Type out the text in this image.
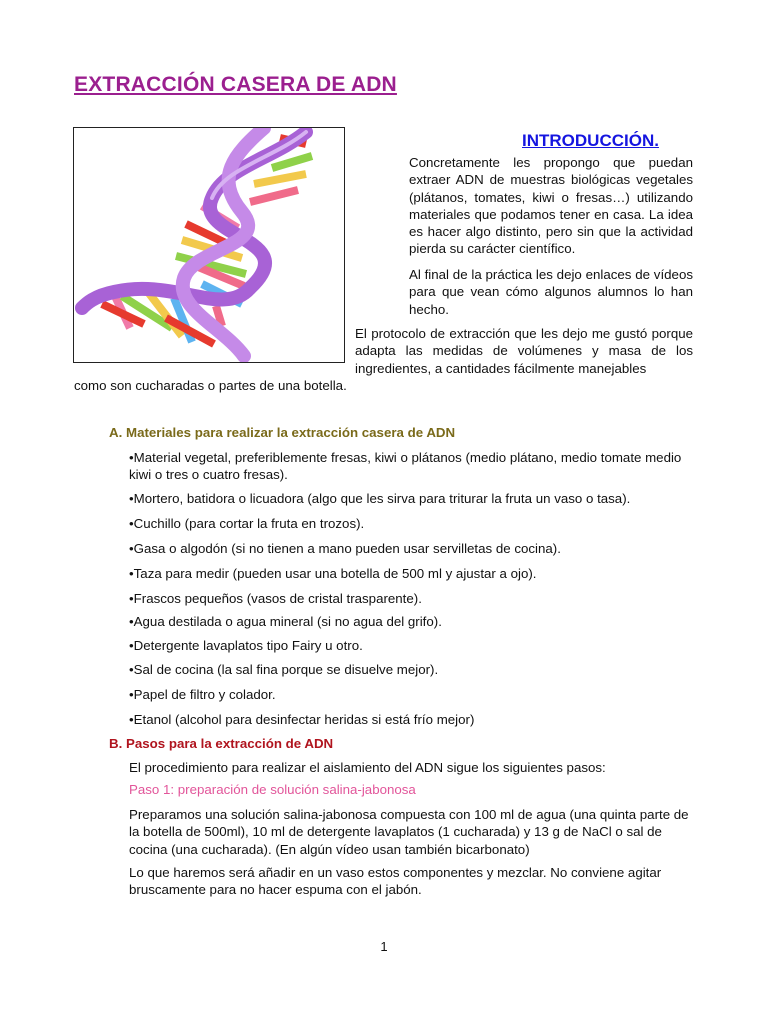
EXTRACCIÓN CASERA DE ADN
INTRODUCCIÓN.

Concretamente les propongo que puedan extraer ADN de muestras biológicas vegetales (plátanos, tomates, kiwi o fresas…) utilizando materiales que podamos tener en casa. La idea es hacer algo distinto, pero sin que la actividad pierda su carácter científico.

Al final de la práctica les dejo enlaces de vídeos para que vean cómo algunos alumnos lo han hecho.

El protocolo de extracción que les dejo me gustó porque adapta las medidas de volúmenes y masa de los ingredientes, a cantidades fácilmente manejables

como son cucharadas o partes de una botella.

A. Materiales para realizar la extracción casera de ADN

•Material vegetal, preferiblemente fresas, kiwi o plátanos (medio plátano, medio tomate medio kiwi o tres o cuatro fresas).

•Mortero, batidora o licuadora (algo que les sirva para triturar la fruta un vaso o tasa).

•Cuchillo (para cortar la fruta en trozos).

•Gasa o algodón (si no tienen a mano pueden usar servilletas de cocina).

•Taza para medir (pueden usar una botella de 500 ml y ajustar a ojo).

•Frascos pequeños (vasos de cristal trasparente).

•Agua destilada o agua mineral (si no agua del grifo).

•Detergente lavaplatos tipo Fairy u otro.

•Sal de cocina (la sal fina porque se disuelve mejor).

•Papel de filtro y colador.

•Etanol (alcohol para desinfectar heridas si está frío mejor)

B. Pasos para la extracción de ADN

El procedimiento para realizar el aislamiento del ADN sigue los siguientes pasos:

Paso 1: preparación de solución salina-jabonosa

Preparamos una solución salina-jabonosa compuesta con 100 ml de agua (una quinta parte de la botella de 500ml), 10 ml de detergente lavaplatos (1 cucharada) y 13 g de NaCl o sal de cocina (una cucharada). (En algún vídeo usan también bicarbonato)

Lo que haremos será añadir en un vaso estos componentes y mezclar. No conviene agitar bruscamente para no hacer espuma con el jabón.

1
